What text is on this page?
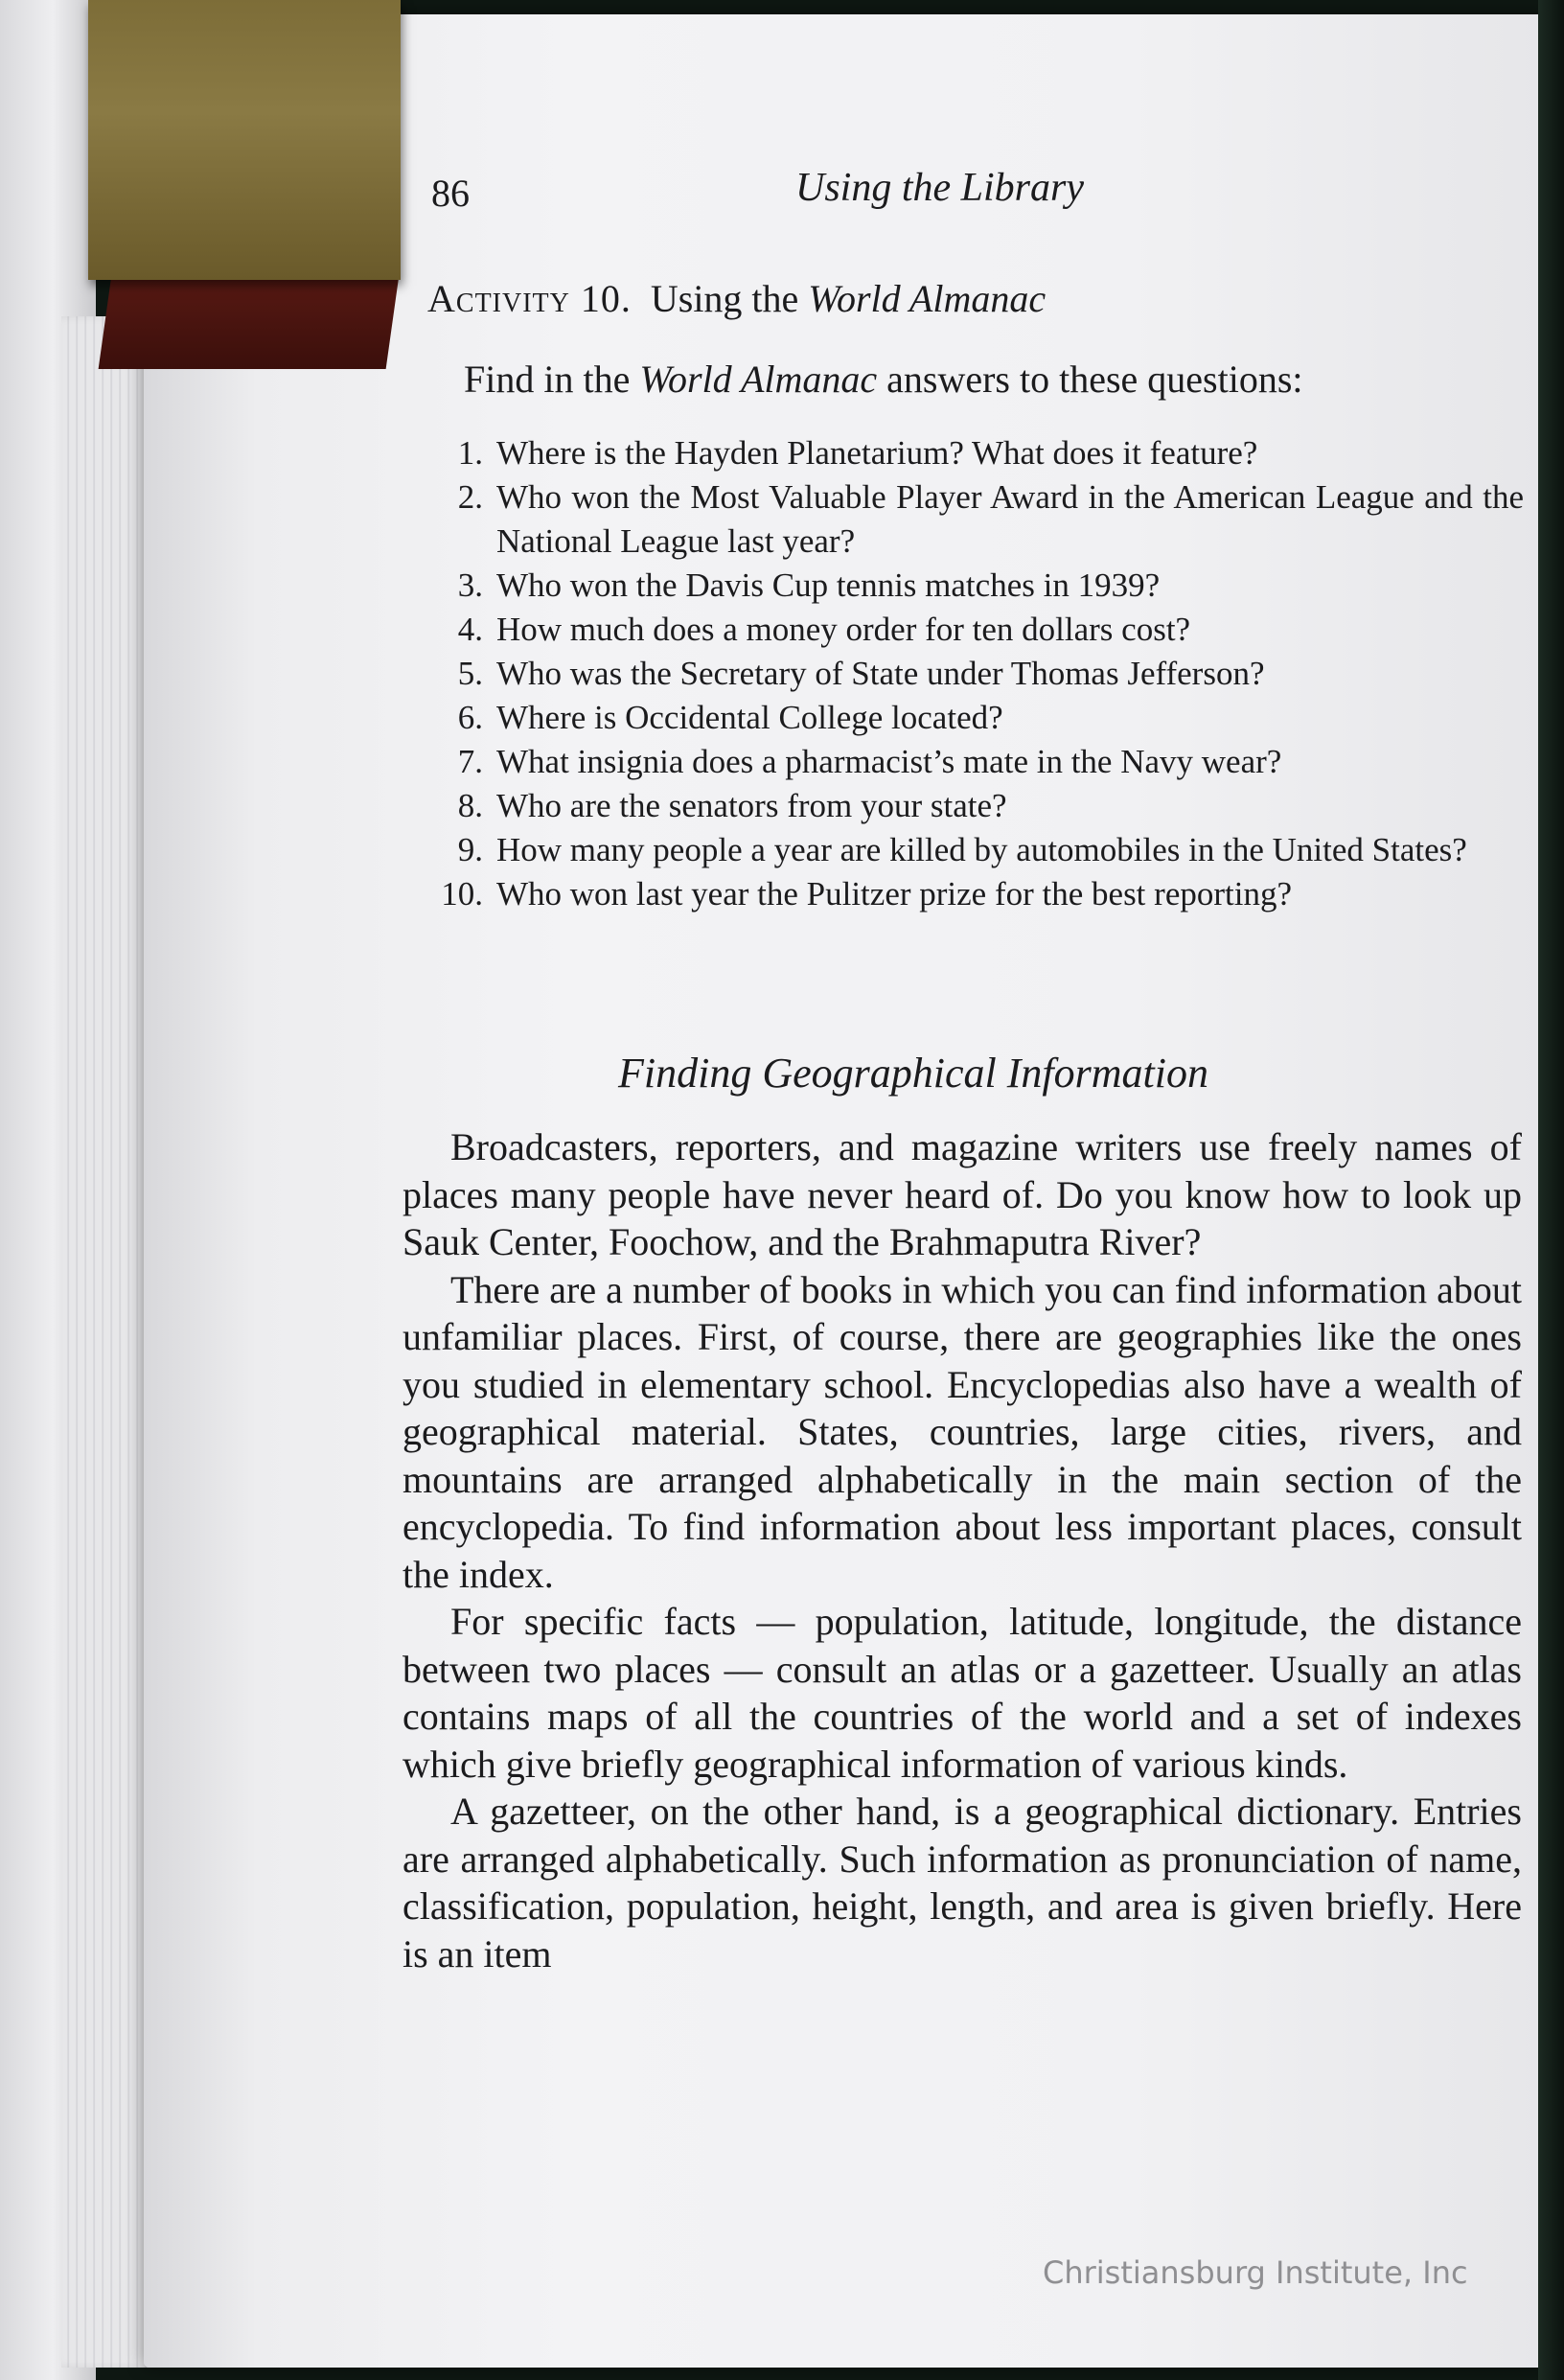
86	Using the Library
Activity 10. Using the World Almanac
Find in the World Almanac answers to these questions:
1. Where is the Hayden Planetarium? What does it feature?
2. Who won the Most Valuable Player Award in the American League and the National League last year?
3. Who won the Davis Cup tennis matches in 1939?
4. How much does a money order for ten dollars cost?
5. Who was the Secretary of State under Thomas Jefferson?
6. Where is Occidental College located?
7. What insignia does a pharmacist’s mate in the Navy wear?
8. Who are the senators from your state?
9. How many people a year are killed by automobiles in the United States?
10. Who won last year the Pulitzer prize for the best reporting?
Finding Geographical Information

Broadcasters, reporters, and magazine writers use freely names of places many people have never heard of. Do you know how to look up Sauk Center, Foochow, and the Brahmaputra River?

There are a number of books in which you can find information about unfamiliar places. First, of course, there are geographies like the ones you studied in elementary school. Encyclopedias also have a wealth of geographical material. States, countries, large cities, rivers, and mountains are arranged alphabetically in the main section of the encyclopedia. To find information about less important places, consult the index.

For specific facts — population, latitude, longitude, the distance between two places — consult an atlas or a gazetteer. Usually an atlas contains maps of all the countries of the world and a set of indexes which give briefly geographical information of various kinds.

A gazetteer, on the other hand, is a geographical dictionary. Entries are arranged alphabetically. Such information as pronunciation of name, classification, population, height, length, and area is given briefly. Here is an item

Christiansburg Institute, Inc
